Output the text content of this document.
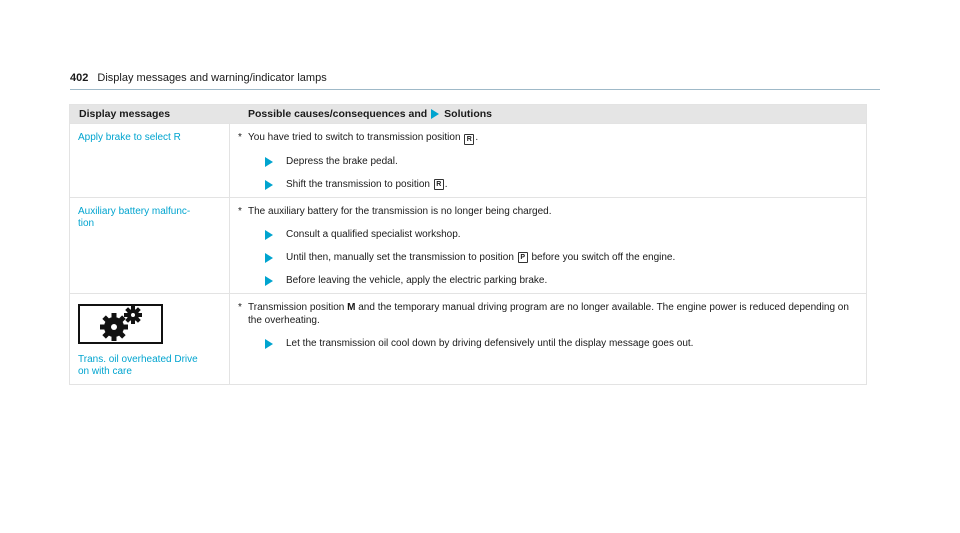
402 Display messages and warning/indicator lamps
Display messages	Possible causes/consequences and Solutions
Apply brake to select R	* You have tried to switch to transmission position R .
Depress the brake pedal.
Shift the transmission to position
R .
Auxiliary battery malfunc-
tion
* The auxiliary battery for the transmission is no longer being charged.
Consult a qualified specialist workshop.
Until then, manually set the transmission to position
P
before you switch off the engine.
Before leaving the vehicle, apply the electric parking brake.
Trans. oil overheated Drive
on with care
* Transmission position M and the temporary manual driving program are no longer available. The engine power is reduced depending on the overheating.
Let the transmission oil cool down by driving defensively until the display message goes out.
